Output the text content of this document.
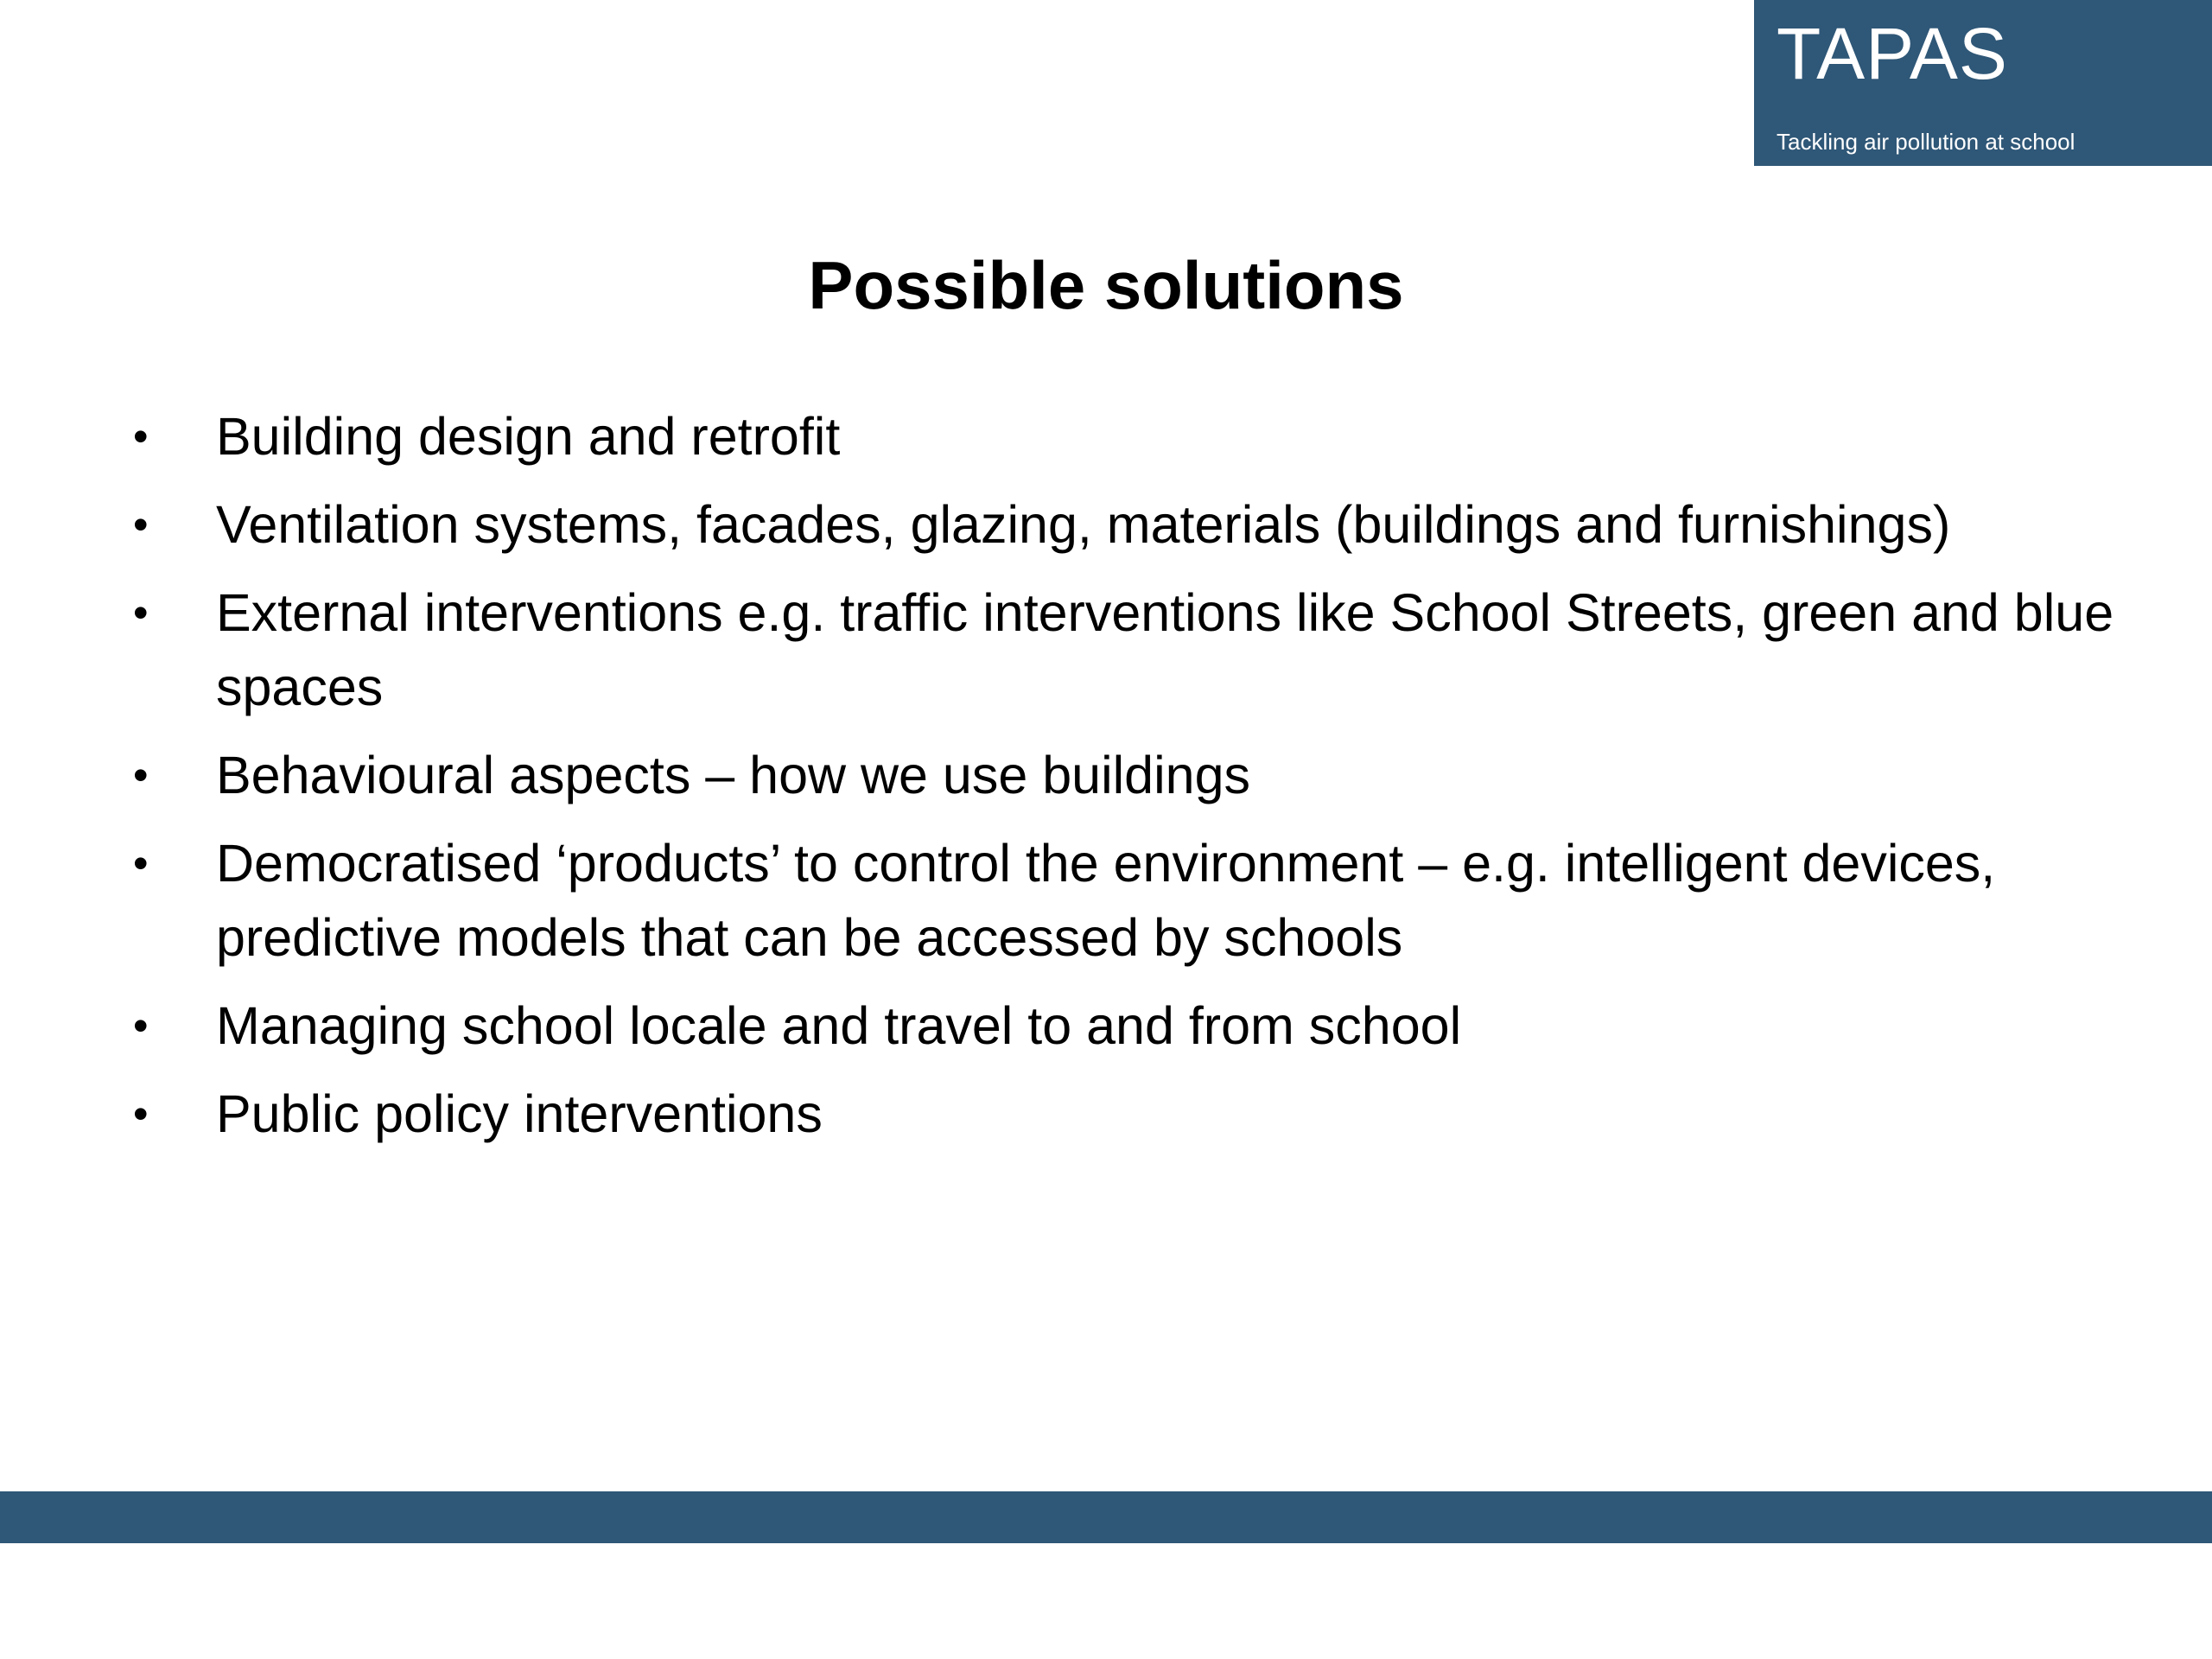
TAPAS
Tackling air pollution at school
Possible solutions
• Building design and retrofit
• Ventilation systems, facades, glazing, materials (buildings and furnishings)
• External interventions e.g. traffic interventions like School Streets, green and blue spaces
• Behavioural aspects – how we use buildings
• Democratised ‘products’ to control the environment – e.g. intelligent devices, predictive models that can be accessed by schools
• Managing school locale and travel to and from school
• Public policy interventions
